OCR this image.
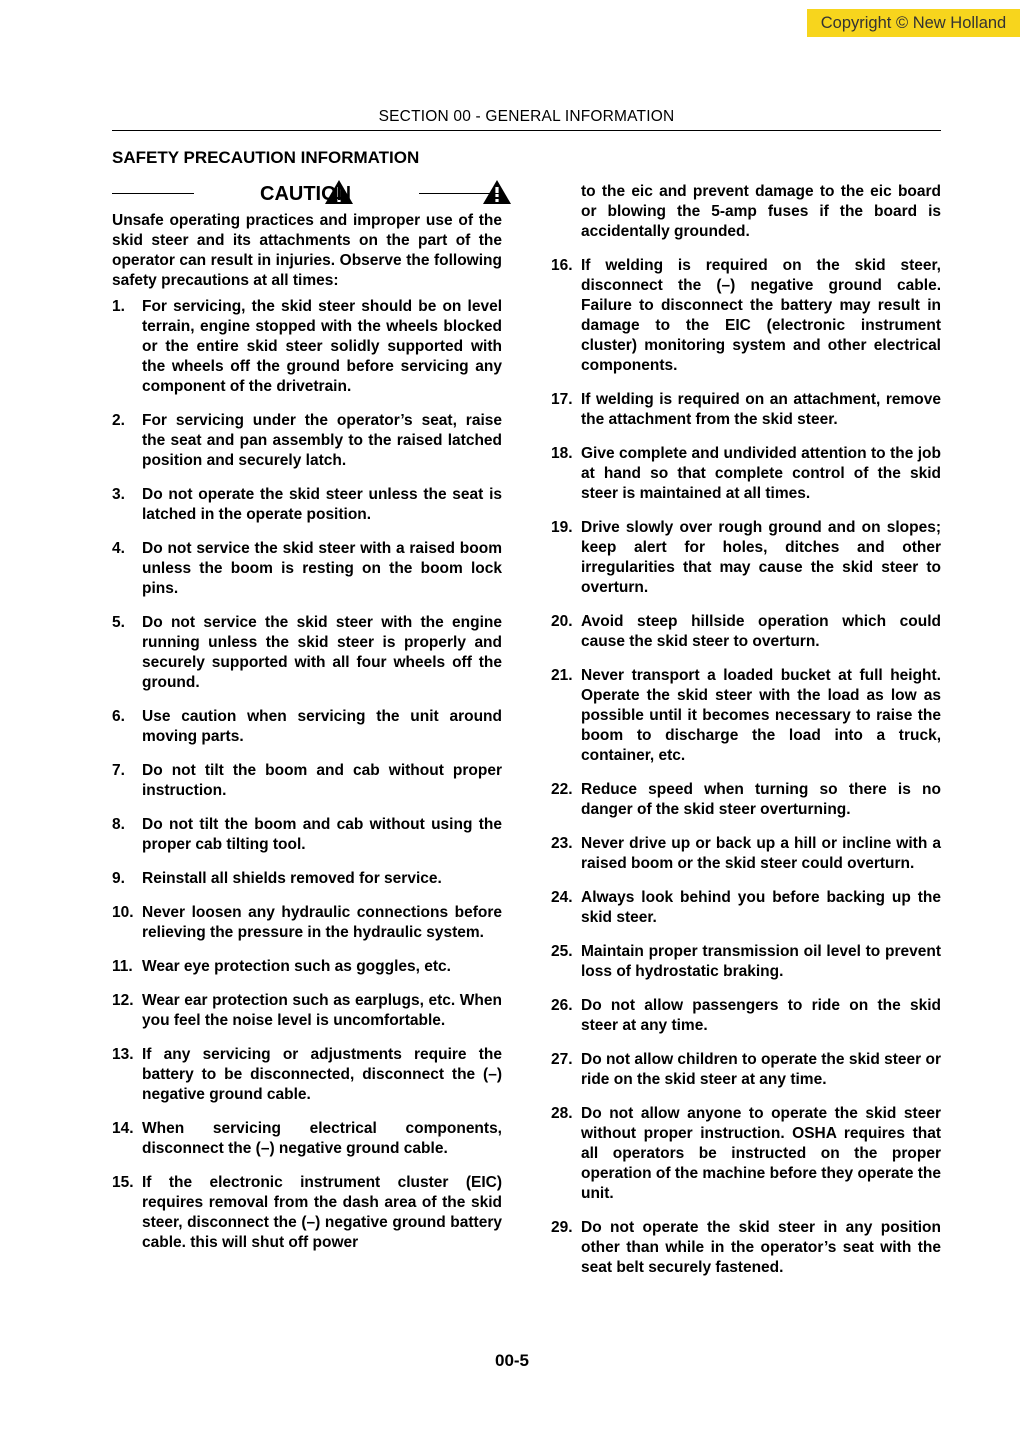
Copyright © New Holland
SECTION 00 - GENERAL INFORMATION
SAFETY PRECAUTION INFORMATION
CAUTION

Unsafe operating practices and improper use of the skid steer and its attachments on the part of the operator can result in injuries. Observe the following safety precautions at all times:

1.	For servicing, the skid steer should be on level terrain, engine stopped with the wheels blocked or the entire skid steer solidly supported with the wheels off the ground before servicing any component of the drivetrain.
2.	For servicing under the operator’s seat, raise the seat and pan assembly to the raised latched position and securely latch.
3.	Do not operate the skid steer unless the seat is latched in the operate position.
4.	Do not service the skid steer with a raised boom unless the boom is resting on the boom lock pins.
5.	Do not service the skid steer with the engine running unless the skid steer is properly and securely supported with all four wheels off the ground.
6.	Use caution when servicing the unit around moving parts.
7.	Do not tilt the boom and cab without proper instruction.
8.	Do not tilt the boom and cab without using the proper cab tilting tool.
9.	Reinstall all shields removed for service.
10. Never loosen any hydraulic connections before relieving the pressure in the hydraulic system.
11. Wear eye protection such as goggles, etc.
12. Wear ear protection such as earplugs, etc. When you feel the noise level is uncomfortable.
13. If any servicing or adjustments require the battery to be disconnected, disconnect the (–) negative ground cable.
14. When servicing electrical components, disconnect the (–) negative ground cable.
15. If the electronic instrument cluster (EIC) requires removal from the dash area of the skid steer, disconnect the (–) negative ground battery cable. this will shut off power

to the eic and prevent damage to the eic board or blowing the 5-amp fuses if the board is accidentally grounded.

16. If welding is required on the skid steer, disconnect the (–) negative ground cable. Failure to disconnect the battery may result in damage to the EIC (electronic instrument cluster) monitoring system and other electrical components.
17. If welding is required on an attachment, remove the attachment from the skid steer.
18. Give complete and undivided attention to the job at hand so that complete control of the skid steer is maintained at all times.
19. Drive slowly over rough ground and on slopes; keep alert for holes, ditches and other irregularities that may cause the skid steer to overturn.
20. Avoid steep hillside operation which could cause the skid steer to overturn.
21. Never transport a loaded bucket at full height. Operate the skid steer with the load as low as possible until it becomes necessary to raise the boom to discharge the load into a truck, container, etc.
22. Reduce speed when turning so there is no danger of the skid steer overturning.
23. Never drive up or back up a hill or incline with a raised boom or the skid steer could overturn.
24. Always look behind you before backing up the skid steer.
25. Maintain proper transmission oil level to prevent loss of hydrostatic braking.
26. Do not allow passengers to ride on the skid steer at any time.
27. Do not allow children to operate the skid steer or ride on the skid steer at any time.
28. Do not allow anyone to operate the skid steer without proper instruction. OSHA requires that all operators be instructed on the proper operation of the machine before they operate the unit.
29. Do not operate the skid steer in any position other than while in the operator’s seat with the seat belt securely fastened.
00-5
